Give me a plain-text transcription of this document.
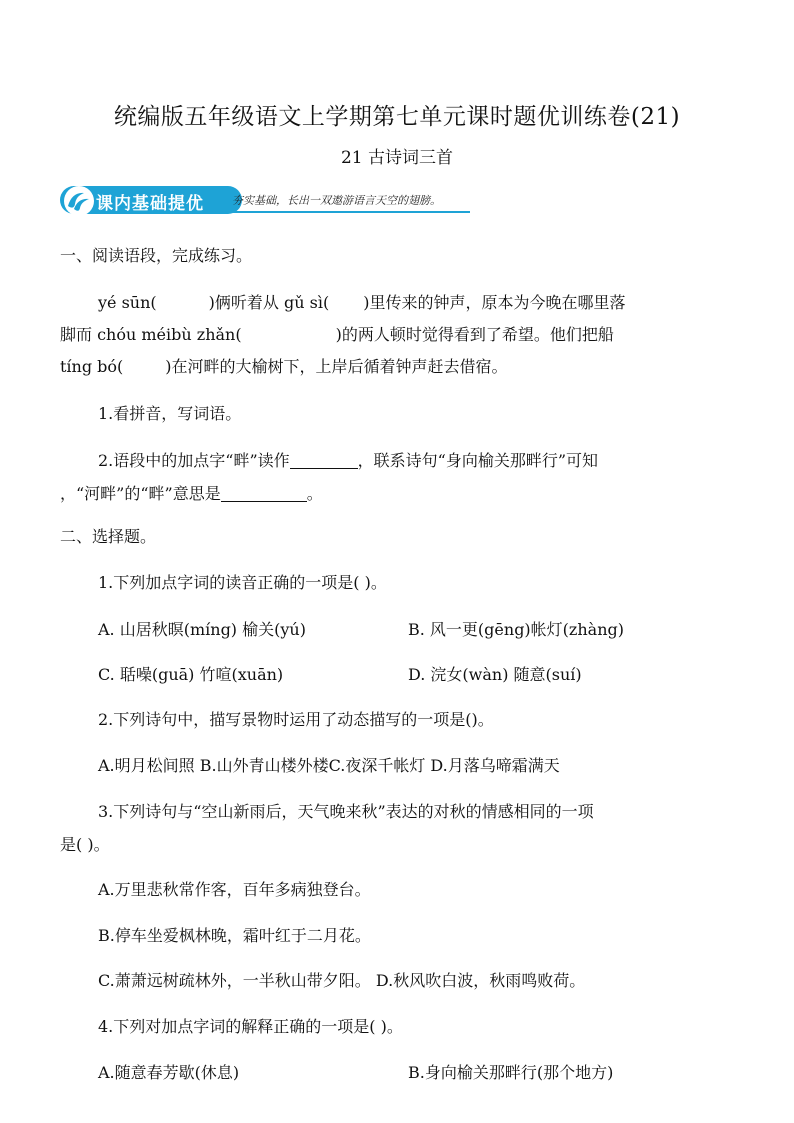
统编版五年级语文上学期第七单元课时题优训练卷(21)
21 古诗词三首
课内基础提优	夯实基础，长出一双遨游语言天空的翅膀。
一、阅读语段，完成练习。
yé sūn(	)俩听着从 gǔ sì( )里传来的钟声，原本为今晚在哪里落
脚而 chóu méibù zhǎn(	)的两人顿时觉得看到了希望。他们把船
tíng bó(	)在河畔的大榆树下，上岸后循着钟声赶去借宿。
1.看拼音，写词语。
2.语段中的加点字“畔”读作	，联系诗句“身向榆关那畔行”可知
，“河畔”的“畔”意思是	。
二、选择题。
1.下列加点字词的读音正确的一项是( )。
A. 山居秋暝(míng) 榆关(yú)	B. 风一更(gēng)帐灯(zhàng)
C. 聒噪(guā) 竹喧(xuān)	D. 浣女(wàn) 随意(suí)
2.下列诗句中，描写景物时运用了动态描写的一项是()。
A.明月松间照 B.山外青山楼外楼C.夜深千帐灯 D.月落乌啼霜满天
3.下列诗句与“空山新雨后，天气晚来秋”表达的对秋的情感相同的一项
是( )。
A.万里悲秋常作客，百年多病独登台。
B.停车坐爱枫林晚，霜叶红于二月花。
C.萧萧远树疏林外，一半秋山带夕阳。 D.秋风吹白波，秋雨鸣败荷。
4.下列对加点字词的解释正确的一项是( )。
A.随意春芳歇(休息)	B.身向榆关那畔行(那个地方)
